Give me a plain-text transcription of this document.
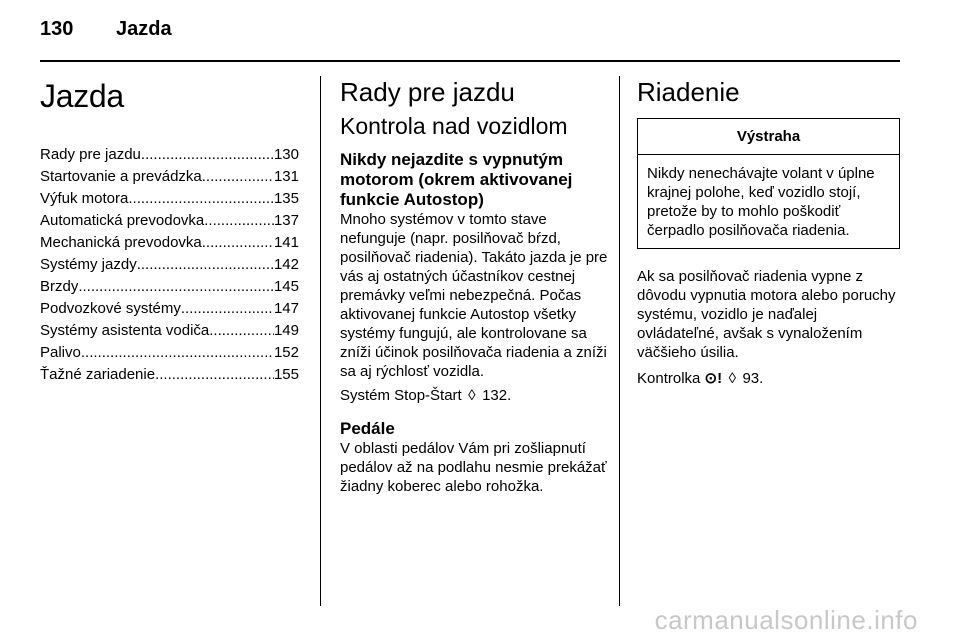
130 Jazda
Jazda
Rady pre jazdu .....	130
Startovanie a prevádzka .....	131
Výfuk motora .....	135
Automatická prevodovka .....	137
Mechanická prevodovka .....	141
Systémy jazdy .....	142
Brzdy .....	145
Podvozkové systémy .....	147
Systémy asistenta vodiča .....	149
Palivo .....	152
Ťažné zariadenie .....	155
Rady pre jazdu
Kontrola nad vozidlom
Nikdy nejazdite s vypnutým motorom (okrem aktivovanej funkcie Autostop)

Mnoho systémov v tomto stave nefunguje (napr. posilňovač bŕzd, posilňovač riadenia). Takáto jazda je pre vás aj ostatných účastníkov cestnej premávky veľmi nebezpečná. Počas aktivovanej funkcie Autostop všetky systémy fungujú, ale kontrolovane sa zníži účinok posilňovača riadenia a zníži sa aj rýchlosť vozidla.

Systém Stop-Štart ◊ 132.

Pedále

V oblasti pedálov Vám pri zošliapnutí pedálov až na podlahu nesmie prekážať žiadny koberec alebo rohožka.

Riadenie
Výstraha
Nikdy nenechávajte volant v úplne krajnej polohe, keď vozidlo stojí, pretože by to mohlo poškodiť čerpadlo posilňovača riadenia.

Ak sa posilňovač riadenia vypne z dôvodu vypnutia motora alebo poruchy systému, vozidlo je naďalej ovládateľné, avšak s vynaložením väčšieho úsilia.

Kontrolka ⊙! ◊ 93.

carmanualsonline.info
